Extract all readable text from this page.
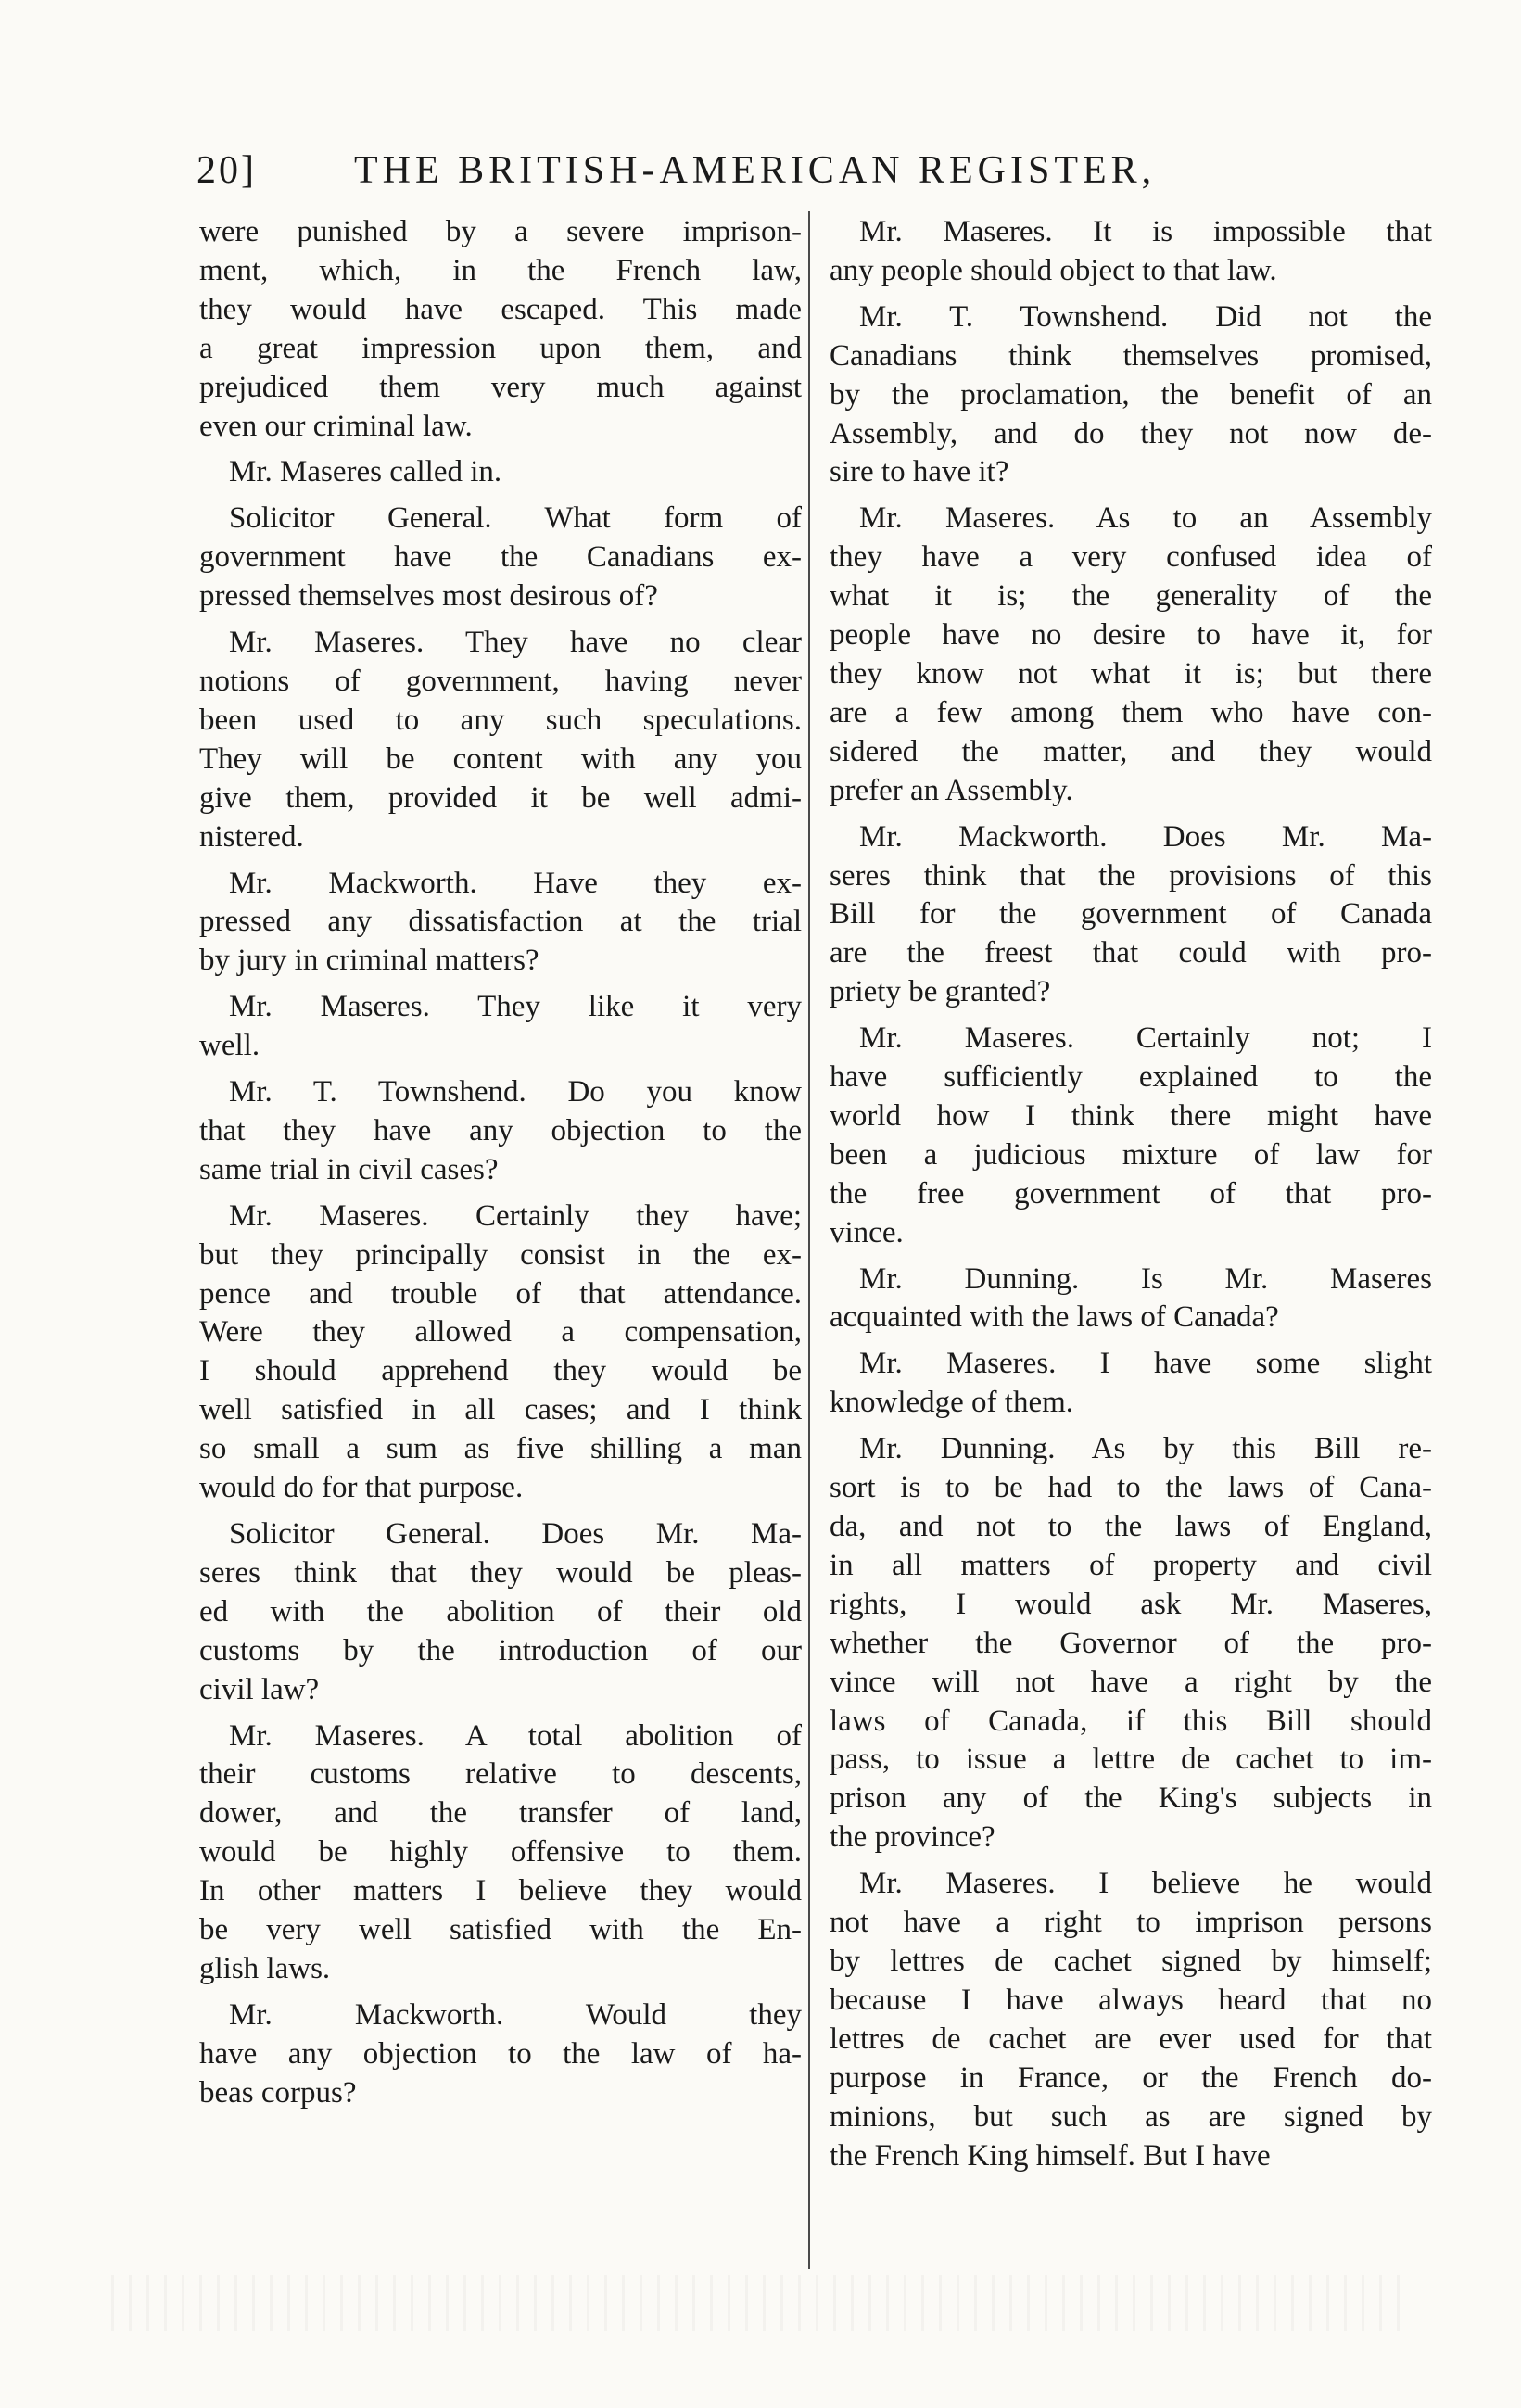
20]	THE BRITISH-AMERICAN REGISTER,
were punished by a severe imprison-
ment, which, in the French law,
they would have escaped. This made
a great impression upon them, and
prejudiced them very much against
even our criminal law.
Mr. Maseres called in.
Solicitor General. What form of
government have the Canadians ex-
pressed themselves most desirous of?
Mr. Maseres. They have no clear
notions of government, having never
been used to any such speculations.
They will be content with any you
give them, provided it be well admi-
nistered.
Mr. Mackworth. Have they ex-
pressed any dissatisfaction at the trial
by jury in criminal matters?
Mr. Maseres. They like it very
well.
Mr. T. Townshend. Do you know
that they have any objection to the
same trial in civil cases?
Mr. Maseres. Certainly they have;
but they principally consist in the ex-
pence and trouble of that attendance.
Were they allowed a compensation,
I should apprehend they would be
well satisfied in all cases; and I think
so small a sum as five shilling a man
would do for that purpose.
Solicitor General. Does Mr. Ma-
seres think that they would be pleas-
ed with the abolition of their old
customs by the introduction of our
civil law?
Mr. Maseres. A total abolition of
their customs relative to descents,
dower, and the transfer of land,
would be highly offensive to them.
In other matters I believe they would
be very well satisfied with the En-
glish laws.
Mr. Mackworth. Would they
have any objection to the law of ha-
beas corpus?
Mr. Maseres. It is impossible that
any people should object to that law.
Mr. T. Townshend. Did not the
Canadians think themselves promised,
by the proclamation, the benefit of an
Assembly, and do they not now de-
sire to have it?
Mr. Maseres. As to an Assembly
they have a very confused idea of
what it is; the generality of the
people have no desire to have it, for
they know not what it is; but there
are a few among them who have con-
sidered the matter, and they would
prefer an Assembly.
Mr. Mackworth. Does Mr. Ma-
seres think that the provisions of this
Bill for the government of Canada
are the freest that could with pro-
priety be granted?
Mr. Maseres. Certainly not; I
have sufficiently explained to the
world how I think there might have
been a judicious mixture of law for
the free government of that pro-
vince.
Mr. Dunning. Is Mr. Maseres
acquainted with the laws of Canada?
Mr. Maseres. I have some slight
knowledge of them.
Mr. Dunning. As by this Bill re-
sort is to be had to the laws of Cana-
da, and not to the laws of England,
in all matters of property and civil
rights, I would ask Mr. Maseres,
whether the Governor of the pro-
vince will not have a right by the
laws of Canada, if this Bill should
pass, to issue a lettre de cachet to im-
prison any of the King's subjects in
the province?
Mr. Maseres. I believe he would
not have a right to imprison persons
by lettres de cachet signed by himself;
because I have always heard that no
lettres de cachet are ever used for that
purpose in France, or the French do-
minions, but such as are signed by
the French King himself. But I have
